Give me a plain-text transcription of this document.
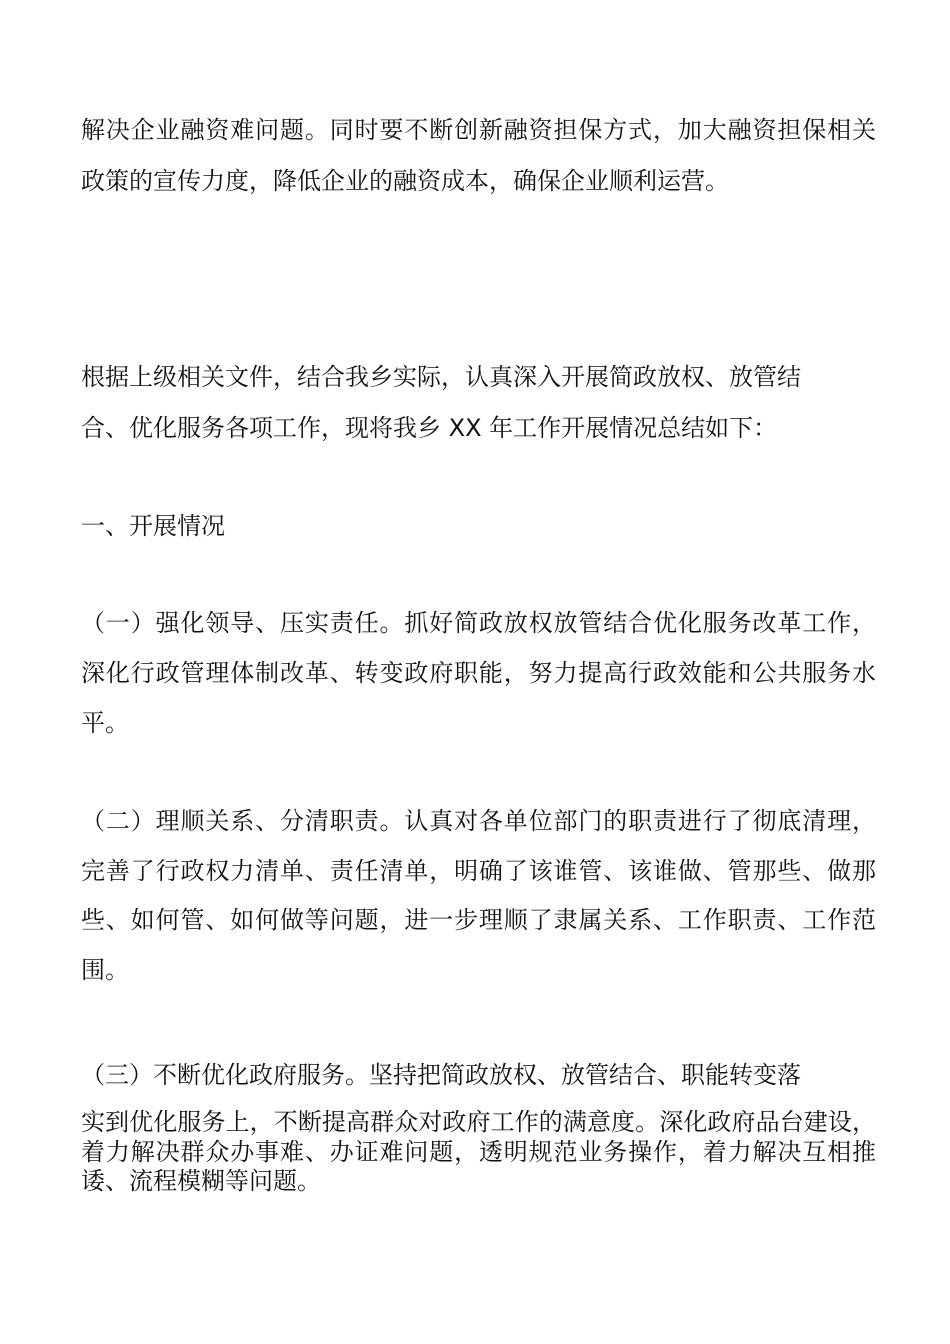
解决企业融资难问题。同时要不断创新融资担保方式，加大融资担保相关
政策的宣传力度，降低企业的融资成本，确保企业顺利运营。
根据上级相关文件，结合我乡实际，认真深入开展简政放权、放管结
合、优化服务各项工作，现将我乡 XX 年工作开展情况总结如下：
一、开展情况
（一）强化领导、压实责任。抓好简政放权放管结合优化服务改革工作，
深化行政管理体制改革、转变政府职能，努力提高行政效能和公共服务水
平。
（二）理顺关系、分清职责。认真对各单位部门的职责进行了彻底清理，
完善了行政权力清单、责任清单，明确了该谁管、该谁做、管那些、做那
些、如何管、如何做等问题，进一步理顺了隶属关系、工作职责、工作范
围。
（三）不断优化政府服务。坚持把简政放权、放管结合、职能转变落
实到优化服务上，不断提高群众对政府工作的满意度。深化政府品台建设，
着力解决群众办事难、办证难问题，透明规范业务操作，着力解决互相推
诿、流程模糊等问题。
